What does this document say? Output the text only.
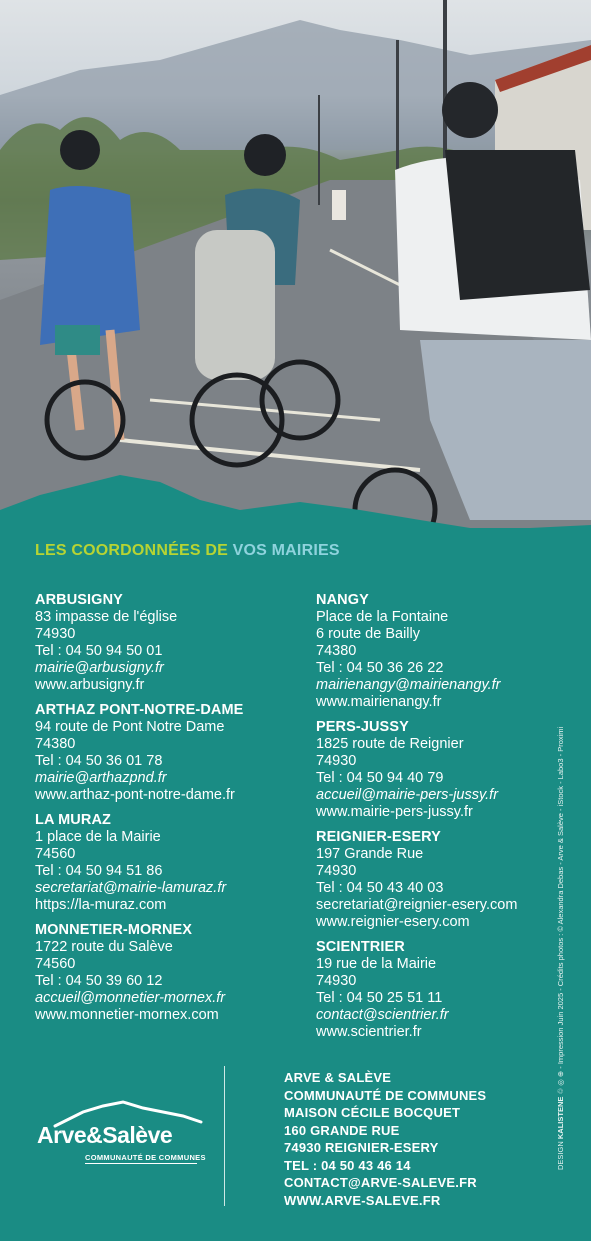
LES COORDONNÉES DE VOS MAIRIES
ARBUSIGNY
83 impasse de l'église
74930
Tel : 04 50 94 50 01
mairie@arbusigny.fr
www.arbusigny.fr
ARTHAZ PONT-NOTRE-DAME
94 route de Pont Notre Dame
74380
Tel : 04 50 36 01 78
mairie@arthazpnd.fr
www.arthaz-pont-notre-dame.fr
LA MURAZ
1 place de la Mairie
74560
Tel : 04 50 94 51 86
secretariat@mairie-lamuraz.fr
https://la-muraz.com
MONNETIER-MORNEX
1722 route du Salève
74560
Tel : 04 50 39 60 12
accueil@monnetier-mornex.fr
www.monnetier-mornex.com
NANGY
Place de la Fontaine
6 route de Bailly
74380
Tel : 04 50 36 26 22
mairienangy@mairienangy.fr
www.mairienangy.fr
PERS-JUSSY
1825 route de Reignier
74930
Tel : 04 50 94 40 79
accueil@mairie-pers-jussy.fr
www.mairie-pers-jussy.fr
REIGNIER-ESERY
197 Grande Rue
74930
Tel : 04 50 43 40 03
secretariat@reignier-esery.com
www.reignier-esery.com
SCIENTRIER
19 rue de la Mairie
74930
Tel : 04 50 25 51 11
contact@scientrier.fr
www.scientrier.fr
Arve&Salève
COMMUNAUTÉ DE COMMUNES
ARVE & SALÈVE
COMMUNAUTÉ DE COMMUNES
MAISON CÉCILE BOCQUET
160 GRANDE RUE
74930 REIGNIER-ESERY
TEL : 04 50 43 46 14
CONTACT@ARVE-SALEVE.FR
WWW.ARVE-SALEVE.FR
DESIGN KALISTENE ♲ ◎ ⊕ - Impression Juin 2025 - Crédits photos : © Alexandra Debas - Arve & Salève - iStock - Labo3 - Proximi
